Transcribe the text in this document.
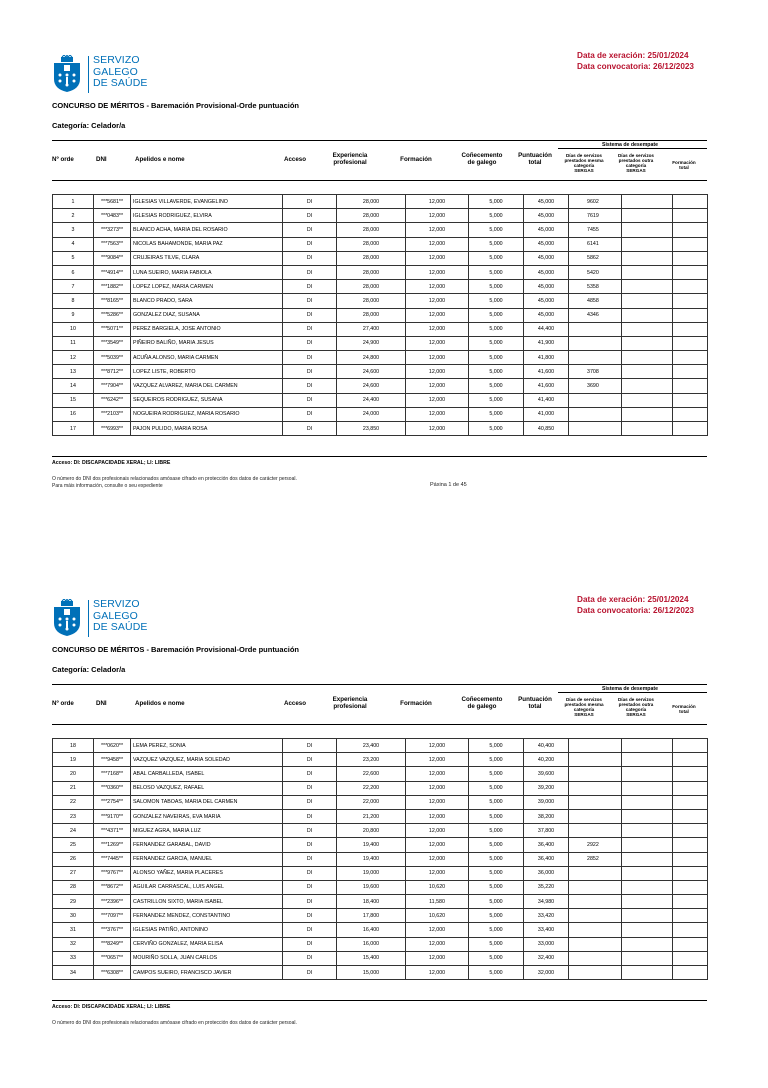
SERVIZO
GALEGO
DE SAÚDE
Data de xeración: 25/01/2024
Data convocatoria: 26/12/2023
CONCURSO DE MÉRITOS - Baremación Provisional-Orde puntuación
Categoría: Celador/a
Nº orde	DNI	Apelidos e nome	Acceso
Experiencia
profesional	Formación
Coñecemento
de galego
Puntuación
total
Sistema de desempate
Días de servizos
prestados mesma
categoría
SERGAS
Días de servizos
prestados outra
categoría
SERGAS
Formación
total
1	***5681**	IGLESIAS VILLAVERDE, EVANGELINO	DI	28,000	12,000	5,000	45,000	9602		
2	***0483**	IGLESIAS RODRIGUEZ, ELVIRA	DI	28,000	12,000	5,000	45,000	7619		
3	***3273**	BLANCO ACHA, MARIA DEL ROSARIO	DI	28,000	12,000	5,000	45,000	7455		
4	***7563**	NICOLAS BAHAMONDE, MARIA PAZ	DI	28,000	12,000	5,000	45,000	6141		
5	***9084**	CRUJEIRAS TILVE, CLARA	DI	28,000	12,000	5,000	45,000	5862		
6	***4914**	LUNA SUEIRO, MARIA FABIOLA	DI	28,000	12,000	5,000	45,000	5420		
7	***1882**	LOPEZ LOPEZ, MARIA CARMEN	DI	28,000	12,000	5,000	45,000	5358		
8	***8165**	BLANCO PRADO, SARA	DI	28,000	12,000	5,000	45,000	4858		
9	***5286**	GONZALEZ DIAZ, SUSANA	DI	28,000	12,000	5,000	45,000	4346		
10	***5071**	PEREZ BARGIELA, JOSE ANTONIO	DI	27,400	12,000	5,000	44,400			
11	***3549**	PIÑEIRO BALIÑO, MARIA JESUS	DI	24,900	12,000	5,000	41,900			
12	***5039**	ACUÑA ALONSO, MARIA CARMEN	DI	24,800	12,000	5,000	41,800			
13	***8712**	LOPEZ LISTE, ROBERTO	DI	24,600	12,000	5,000	41,600	3708		
14	***7904**	VAZQUEZ ALVAREZ, MARIA DEL CARMEN	DI	24,600	12,000	5,000	41,600	3690		
15	***6242**	SEQUEIROS RODRIGUEZ, SUSANA	DI	24,400	12,000	5,000	41,400			
16	***2103**	NOGUEIRA RODRIGUEZ, MARIA ROSARIO	DI	24,000	12,000	5,000	41,000			
17	***6993**	PAJON PULIDO, MARIA ROSA	DI	23,850	12,000	5,000	40,850			
Acceso: DI: DISCAPACIDADE XERAL; LI: LIBRE
O número do DNI dos profesionais relacionados amósase cifrado en protección dos datos de carácter persoal.
Para máis información, consulte o seu expediente	Páxina 1 de 45
SERVIZO
GALEGO
DE SAÚDE
Data de xeración: 25/01/2024
Data convocatoria: 26/12/2023
CONCURSO DE MÉRITOS - Baremación Provisional-Orde puntuación
Categoría: Celador/a
Nº orde	DNI	Apelidos e nome	Acceso
Experiencia
profesional	Formación
Coñecemento
de galego
Puntuación
total
Sistema de desempate
Días de servizos
prestados mesma
categoría
SERGAS
Días de servizos
prestados outra
categoría
SERGAS
Formación
total
18	***0620**	LEMA PEREZ, SONIA	DI	23,400	12,000	5,000	40,400			
19	***9458**	VAZQUEZ VAZQUEZ, MARIA SOLEDAD	DI	23,200	12,000	5,000	40,200			
20	***7168**	ABAL CARBALLEDA, ISABEL	DI	22,600	12,000	5,000	39,600			
21	***0360**	BELOSO VAZQUEZ, RAFAEL	DI	22,200	12,000	5,000	39,200			
22	***2754**	SALOMON TABOAS, MARIA DEL CARMEN	DI	22,000	12,000	5,000	39,000			
23	***9170**	GONZALEZ NAVEIRAS, EVA MARIA	DI	21,200	12,000	5,000	38,200			
24	***4371**	MIGUEZ AGRA, MARIA LUZ	DI	20,800	12,000	5,000	37,800			
25	***1269**	FERNANDEZ GARABAL, DAVID	DI	19,400	12,000	5,000	36,400	2922		
26	***7445**	FERNANDEZ GARCIA, MANUEL	DI	19,400	12,000	5,000	36,400	2852		
27	***9767**	ALONSO YAÑEZ, MARIA PLACERES	DI	19,000	12,000	5,000	36,000			
28	***8672**	AGUILAR CARRASCAL, LUIS ANGEL	DI	19,600	10,620	5,000	35,220			
29	***2396**	CASTRILLON SIXTO, MARIA ISABEL	DI	18,400	11,580	5,000	34,980			
30	***7097**	FERNANDEZ MENDEZ, CONSTANTINO	DI	17,800	10,620	5,000	33,420			
31	***3767**	IGLESIAS PATIÑO, ANTONINO	DI	16,400	12,000	5,000	33,400			
32	***8249**	CERVIÑO GONZALEZ, MARIA ELISA	DI	16,000	12,000	5,000	33,000			
33	***0657**	MOURIÑO SOLLA, JUAN CARLOS	DI	15,400	12,000	5,000	32,400			
34	***6308**	CAMPOS SUEIRO, FRANCISCO JAVIER	DI	15,000	12,000	5,000	32,000			
Acceso: DI: DISCAPACIDADE XERAL; LI: LIBRE
O número do DNI dos profesionais relacionados amósase cifrado en protección dos datos de carácter persoal.
